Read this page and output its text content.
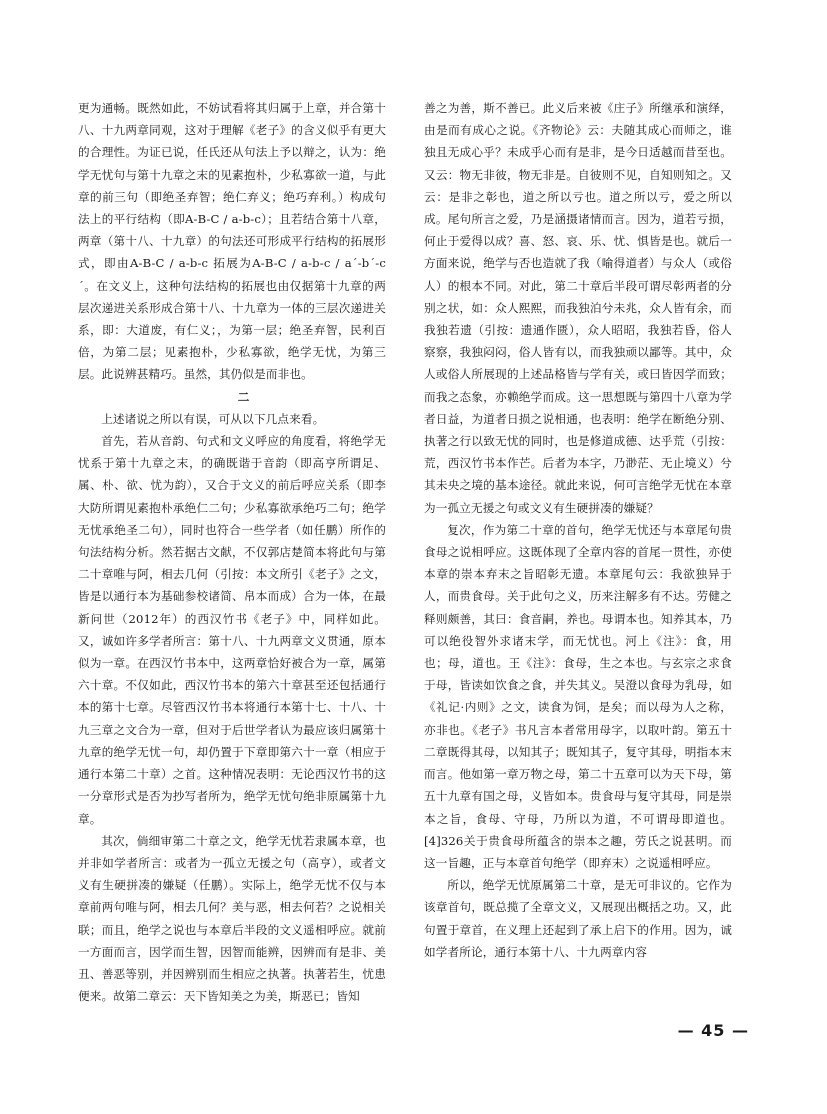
更为通畅。既然如此，不妨试看将其归属于上章，并合第十八、十九两章同观，这对于理解《老子》的含义似乎有更大的合理性。为证已说，任氏还从句法上予以辩之，认为：绝学无忧句与第十九章之末的见素抱朴，少私寡欲一道，与此章的前三句（即绝圣弃智；绝仁弃义；绝巧弃利。）构成句法上的平行结构（即A-B-C / a-b-c）；且若结合第十八章，两章（第十八、十九章）的句法还可形成平行结构的拓展形式，即由A-B-C / a-b-c 拓展为A-B-C / a-b-c / a´-b´-c´。在文义上，这种句法结构的拓展也由仅据第十九章的两层次递进关系形成合第十八、十九章为一体的三层次递进关系，即：大道废，有仁义；，为第一层；绝圣弃智，民利百倍，为第二层；见素抱朴，少私寡欲，绝学无忧，为第三层。此说辨甚精巧。虽然，其仍似是而非也。

二

上述诸说之所以有误，可从以下几点来看。

首先，若从音韵、句式和文义呼应的角度看，将绝学无忧系于第十九章之末，的确既谐于音韵（即高亨所谓足、属、朴、欲、忧为韵），又合于文义的前后呼应关系（即李大防所谓见素抱朴承绝仁二句；少私寡欲承绝巧二句；绝学无忧承绝圣二句），同时也符合一些学者（如任鹏）所作的句法结构分析。然若据古文献，不仅郭店楚简本将此句与第二十章唯与阿，相去几何（引按：本文所引《老子》之文，皆是以通行本为基础参校诸简、帛本而成）合为一体，在最新问世（2012年）的西汉竹书《老子》中，同样如此。又，诚如许多学者所言：第十八、十九两章文义贯通，原本似为一章。在西汉竹书本中，这两章恰好被合为一章，属第六十章。不仅如此，西汉竹书本的第六十章甚至还包括通行本的第十七章。尽管西汉竹书本将通行本第十七、十八、十九三章之文合为一章，但对于后世学者认为最应该归属第十九章的绝学无忧一句，却仍置于下章即第六十一章（相应于通行本第二十章）之首。这种情况表明：无论西汉竹书的这一分章形式是否为抄写者所为，绝学无忧句绝非原属第十九章。

其次，倘细审第二十章之文，绝学无忧若隶属本章，也并非如学者所言：或者为一孤立无援之句（高亨），或者文义有生硬拼凑的嫌疑（任鹏）。实际上，绝学无忧不仅与本章前两句唯与阿，相去几何？美与恶，相去何若？之说相关联；而且，绝学之说也与本章后半段的文义遥相呼应。就前一方面而言，因学而生智，因智而能辨，因辨而有是非、美丑、善恶等别，并因辨别而生相应之执著。执著若生，忧患便来。故第二章云：天下皆知美之为美，斯恶已；皆知

善之为善，斯不善已。此义后来被《庄子》所继承和演绎，由是而有成心之说。《齐物论》云：夫随其成心而师之，谁独且无成心乎？未成乎心而有是非，是今日适越而昔至也。又云：物无非彼，物无非是。自彼则不见，自知则知之。又云：是非之彰也，道之所以亏也。道之所以亏，爱之所以成。尾句所言之爱，乃是涵摄诸情而言。因为，道若亏损，何止于爱得以成？喜、怒、哀、乐、忧、惧皆是也。就后一方面来说，绝学与否也造就了我（喻得道者）与众人（或俗人）的根本不同。对此，第二十章后半段可谓尽彰两者的分别之状，如：众人熙熙，而我独泊兮未兆，众人皆有余，而我独若遗（引按：遗通作匮），众人昭昭，我独若昏，俗人察察，我独闷闷，俗人皆有以，而我独顽以鄙等。其中，众人或俗人所展现的上述品格皆与学有关，或曰皆因学而致；而我之态象，亦赖绝学而成。这一思想既与第四十八章为学者日益，为道者日损之说相通，也表明：绝学在断绝分别、执著之行以致无忧的同时，也是修道成德、达乎荒（引按：荒，西汉竹书本作芒。后者为本字，乃渺茫、无止境义）兮其未央之境的基本途径。就此来说，何可言绝学无忧在本章为一孤立无援之句或文义有生硬拼凑的嫌疑？

复次，作为第二十章的首句，绝学无忧还与本章尾句贵食母之说相呼应。这既体现了全章内容的首尾一贯性，亦使本章的崇本弃末之旨昭彰无遗。本章尾句云：我欲独异于人，而贵食母。关于此句之义，历来注解多有不达。劳健之释则颇善，其曰：食音嗣，养也。母谓本也。知养其本，乃可以绝役智外求诸末学，而无忧也。河上《注》：食，用也；母，道也。王《注》：食母，生之本也。与玄宗之求食于母，皆读如饮食之食，并失其义。吴澄以食母为乳母，如《礼记·内则》之文，读食为饲，是矣；而以母为人之称，亦非也。《老子》书凡言本者常用母字，以取叶韵。第五十二章既得其母，以知其子；既知其子，复守其母，明指本末而言。他如第一章万物之母，第二十五章可以为天下母，第五十九章有国之母，义皆如本。贵食母与复守其母，同是崇本之旨，食母、守母，乃所以为道，不可谓母即道也。[4]326关于贵食母所蕴含的崇本之趣，劳氏之说甚明。而这一旨趣，正与本章首句绝学（即弃末）之说遥相呼应。

所以，绝学无忧原属第二十章，是无可非议的。它作为该章首句，既总揽了全章文义，又展现出概括之功。又，此句置于章首，在义理上还起到了承上启下的作用。因为，诚如学者所论，通行本第十八、十九两章内容

— 45 —
